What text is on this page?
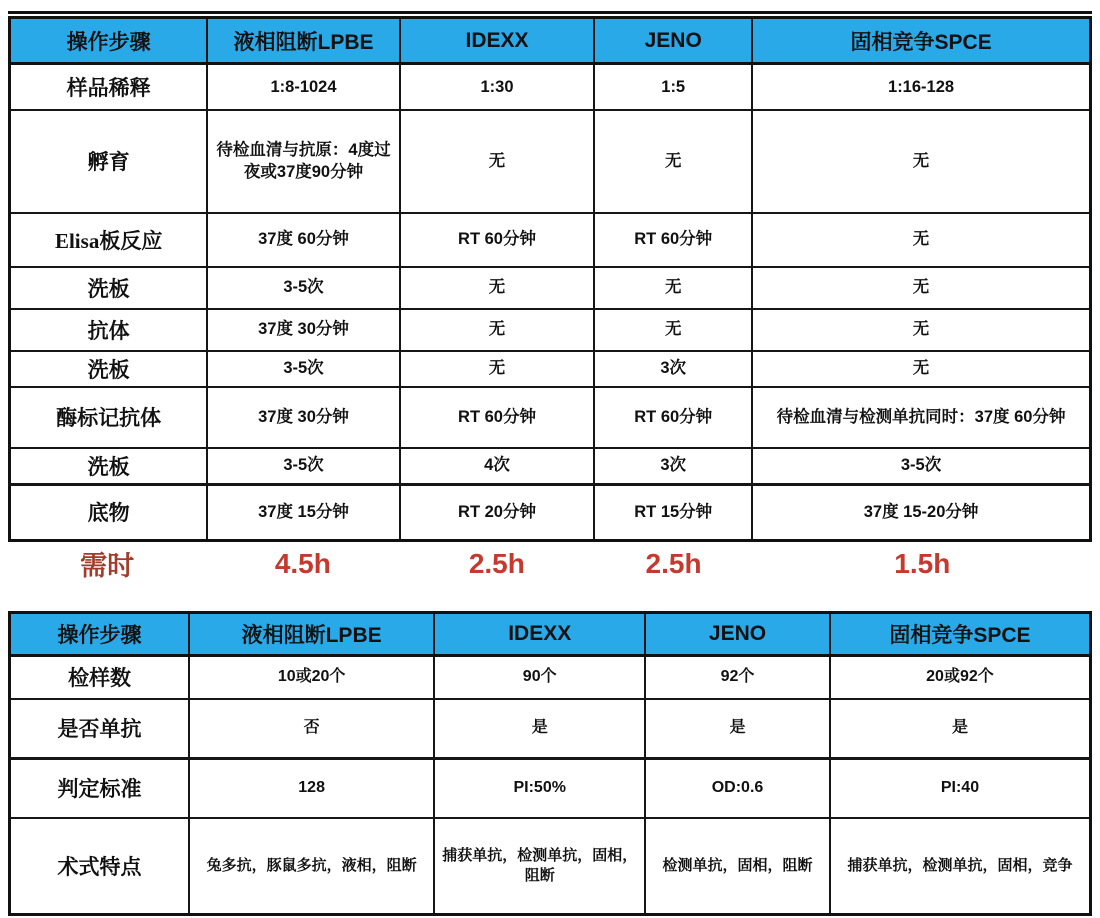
操作步骤	液相阻断LPBE	IDEXX	JENO	固相竞争SPCE
样品稀释	1:8-1024	1:30	1:5	1:16-128
孵育	待检血清与抗原：4度过夜或37度90分钟	无	无	无
Elisa板反应	37度 60分钟	RT 60分钟	RT 60分钟	无
洗板	3-5次	无	无	无
抗体	37度 30分钟	无	无	无
洗板	3-5次	无	3次	无
酶标记抗体	37度 30分钟	RT 60分钟	RT 60分钟	待检血清与检测单抗同时：37度 60分钟
洗板	3-5次	4次	3次	3-5次
底物	37度 15分钟	RT 20分钟	RT 15分钟	37度 15-20分钟
需时	4.5h	2.5h	2.5h	1.5h
操作步骤	液相阻断LPBE	IDEXX	JENO	固相竞争SPCE
检样数	10或20个	90个	92个	20或92个
是否单抗	否	是	是	是
判定标准	128	PI:50%	OD:0.6	PI:40
术式特点	兔多抗，豚鼠多抗，液相，阻断	捕获单抗，检测单抗，固相，阻断	检测单抗，固相，阻断	捕获单抗，检测单抗，固相，竞争
